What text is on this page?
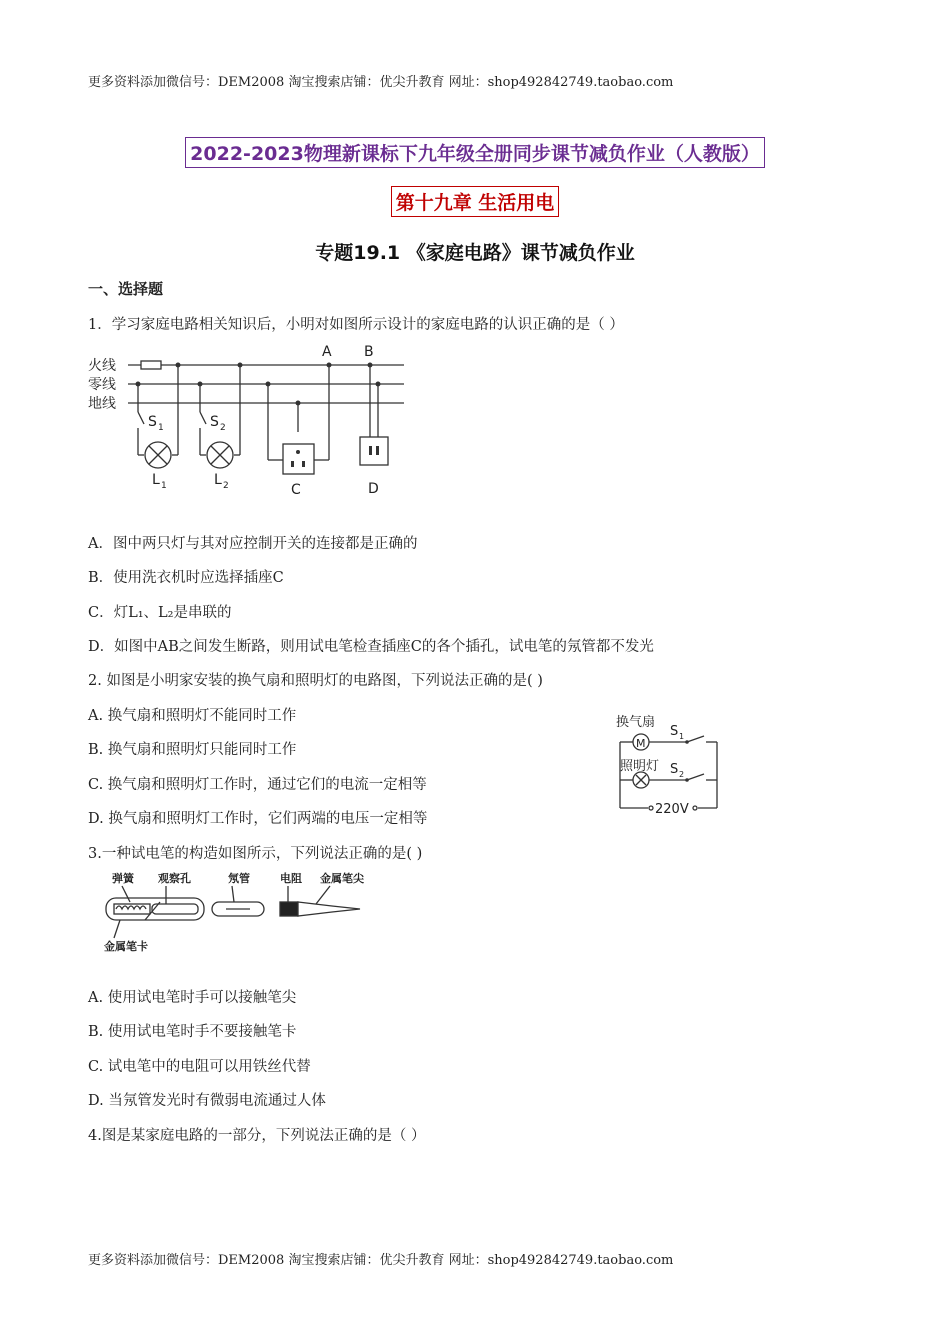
更多资料添加微信号：DEM2008 淘宝搜索店铺：优尖升教育 网址：shop492842749.taobao.com
2022-2023物理新课标下九年级全册同步课节减负作业（人教版）
第十九章 生活用电
专题19.1 《家庭电路》课节减负作业
一、选择题
1．学习家庭电路相关知识后，小明对如图所示设计的家庭电路的认识正确的是（ ）
火线
零线
地线
A B
S 1	S 2
L 1	L 2	C	D
A．图中两只灯与其对应控制开关的连接都是正确的
B．使用洗衣机时应选择插座C
C．灯L₁、L₂是串联的
D．如图中AB之间发生断路，则用试电笔检查插座C的各个插孔，试电笔的氖管都不发光
2. 如图是小明家安装的换气扇和照明灯的电路图，下列说法正确的是( )
A. 换气扇和照明灯不能同时工作
B. 换气扇和照明灯只能同时工作
C. 换气扇和照明灯工作时，通过它们的电流一定相等
D. 换气扇和照明灯工作时，它们两端的电压一定相等
换气扇
M
S 1
照明灯 S 2
220V
3.一种试电笔的构造如图所示，下列说法正确的是( )
弹簧 观察孔	氖管	电阻 金属笔尖
金属笔卡
A. 使用试电笔时手可以接触笔尖
B. 使用试电笔时手不要接触笔卡
C. 试电笔中的电阻可以用铁丝代替
D. 当氖管发光时有微弱电流通过人体
4.图是某家庭电路的一部分，下列说法正确的是（ ）
更多资料添加微信号：DEM2008 淘宝搜索店铺：优尖升教育 网址：shop492842749.taobao.com
